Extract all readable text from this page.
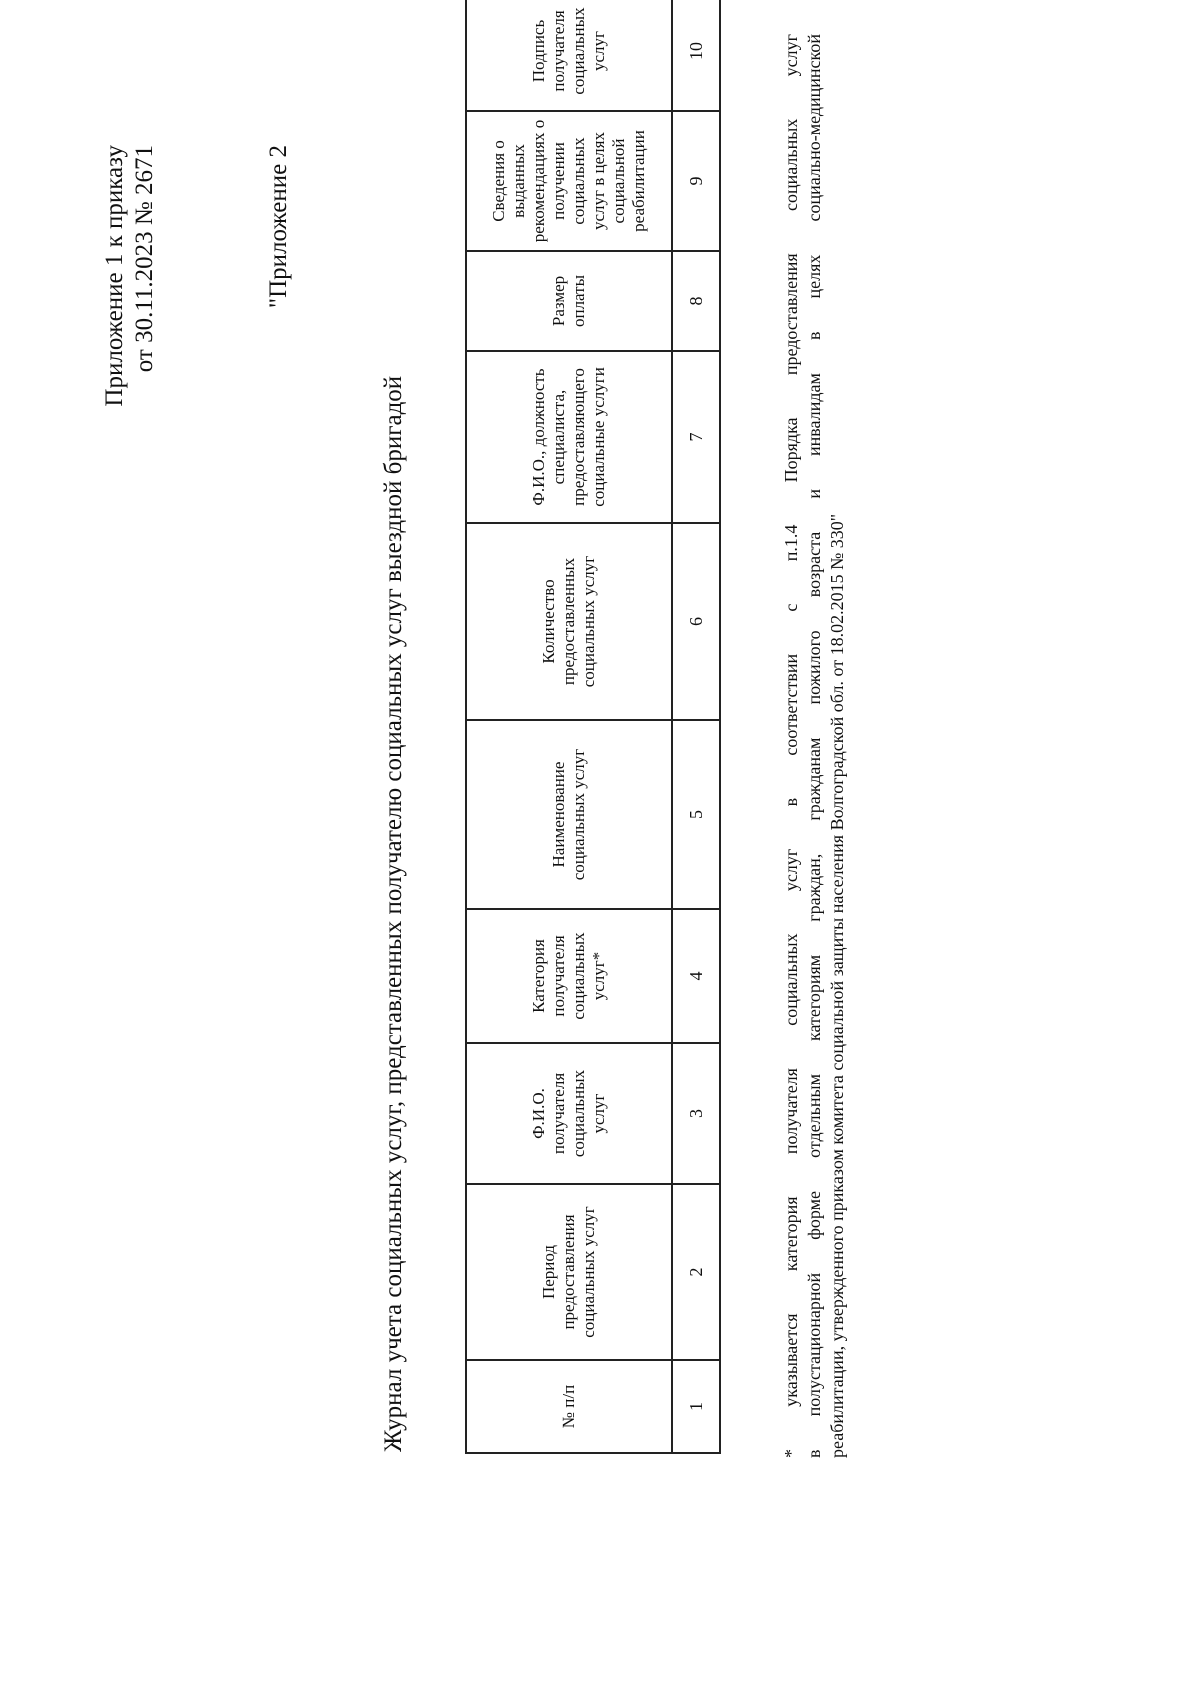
Приложение 1 к приказу от 30.11.2023 № 2671	"Приложение 2
Журнал учета социальных услуг, представленных получателю социальных услуг выездной бригадой	№ п/п	Период предоставления социальных услуг	Ф.И.О. получателя социальных услуг	Категория получателя социальных услуг*	Наименование социальных услуг	Количество предоставленных социальных услуг	Ф.И.О., должность специалиста, предоставляющего социальные услуги	Размер оплаты	Сведения о выданных рекомендациях о получении социальных услуг в целях социальной реабилитации	Подпись получателя социальных услуг
1	2	3	4	5	6	7	8	9	10	* указывается категория получателя социальных услуг в соответствии с п.1.4 Порядка предоставления социальных услуг в полустационарной форме отдельным категориям граждан, гражданам пожилого возраста и инвалидам в целях социально-медицинской реабилитации, утвержденного приказом комитета социальной защиты населения Волгоградской обл. от 18.02.2015 № 330"
